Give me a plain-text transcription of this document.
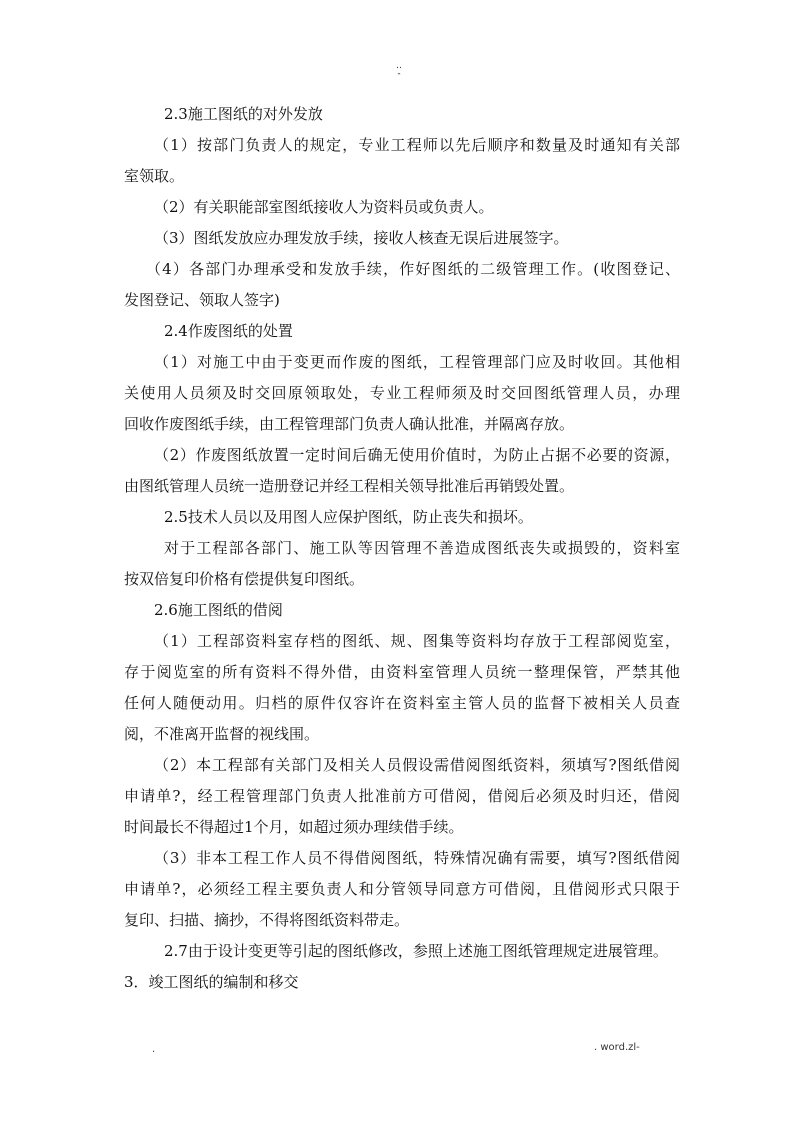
..
-
2.3施工图纸的对外发放
（1）按部门负责人的规定，专业工程师以先后顺序和数量及时通知有关部
室领取。
（2）有关职能部室图纸接收人为资料员或负责人。
（3）图纸发放应办理发放手续，接收人核查无误后进展签字。
（4）各部门办理承受和发放手续，作好图纸的二级管理工作。(收图登记、
发图登记、领取人签字)
2.4作废图纸的处置
（1）对施工中由于变更而作废的图纸，工程管理部门应及时收回。其他相
关使用人员须及时交回原领取处，专业工程师须及时交回图纸管理人员，办理
回收作废图纸手续，由工程管理部门负责人确认批准，并隔离存放。
（2）作废图纸放置一定时间后确无使用价值时，为防止占据不必要的资源，
由图纸管理人员统一造册登记并经工程相关领导批准后再销毁处置。
2.5技术人员以及用图人应保护图纸，防止丧失和损坏。
对于工程部各部门、施工队等因管理不善造成图纸丧失或损毁的，资料室
按双倍复印价格有偿提供复印图纸。
2.6施工图纸的借阅
（1）工程部资料室存档的图纸、规、图集等资料均存放于工程部阅览室，
存于阅览室的所有资料不得外借，由资料室管理人员统一整理保管，严禁其他
任何人随便动用。归档的原件仅容许在资料室主管人员的监督下被相关人员查
阅，不准离开监督的视线围。
（2）本工程部有关部门及相关人员假设需借阅图纸资料，须填写?图纸借阅
申请单?，经工程管理部门负责人批准前方可借阅，借阅后必须及时归还，借阅
时间最长不得超过1个月，如超过须办理续借手续。
（3）非本工程工作人员不得借阅图纸，特殊情况确有需要，填写?图纸借阅
申请单?，必须经工程主要负责人和分管领导同意方可借阅，且借阅形式只限于
复印、扫描、摘抄，不得将图纸资料带走。
2.7由于设计变更等引起的图纸修改，参照上述施工图纸管理规定进展管理。
3．竣工图纸的编制和移交
.	. word.zl-
